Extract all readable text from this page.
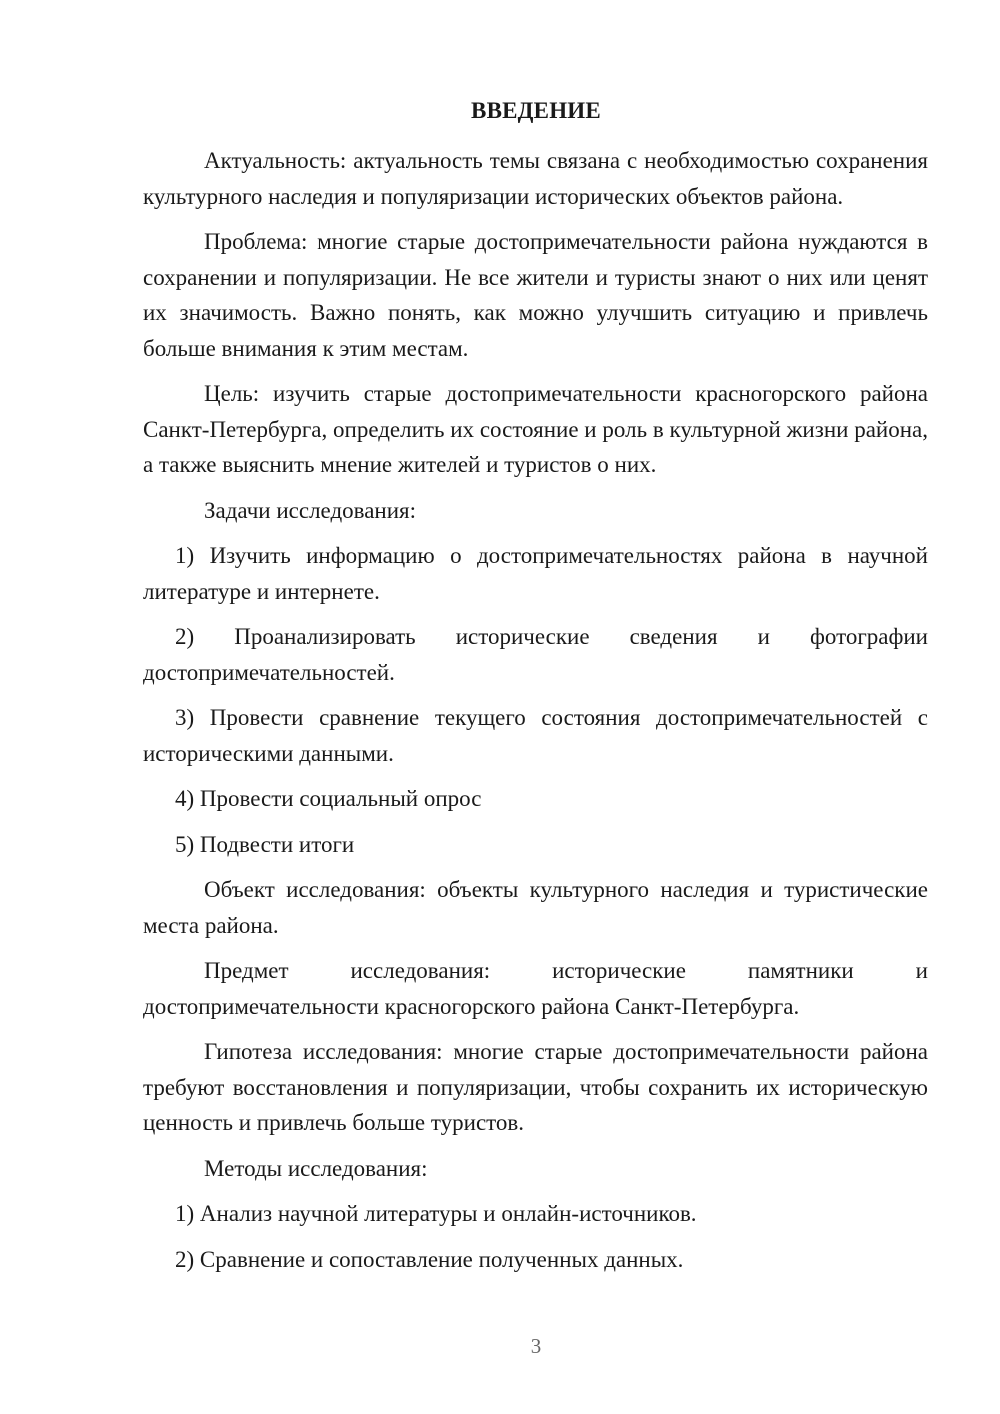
ВВЕДЕНИЕ

Актуальность: актуальность темы связана с необходимостью сохранения культурного наследия и популяризации исторических объектов района.

Проблема: многие старые достопримечательности района нуждаются в сохранении и популяризации. Не все жители и туристы знают о них или ценят их значимость. Важно понять, как можно улучшить ситуацию и привлечь больше внимания к этим местам.

Цель: изучить старые достопримечательности красногорского района Санкт-Петербурга, определить их состояние и роль в культурной жизни района, а также выяснить мнение жителей и туристов о них.

Задачи исследования:

1) Изучить информацию о достопримечательностях района в научной литературе и интернете.

2) Проанализировать исторические сведения и фотографии достопримечательностей.

3) Провести сравнение текущего состояния достопримечательностей с историческими данными.

4) Провести социальный опрос

5) Подвести итоги

Объект исследования: объекты культурного наследия и туристические места района.

Предмет исследования: исторические памятники и достопримечательности красногорского района Санкт-Петербурга.

Гипотеза исследования: многие старые достопримечательности района требуют восстановления и популяризации, чтобы сохранить их историческую ценность и привлечь больше туристов.

Методы исследования:

1) Анализ научной литературы и онлайн-источников.

2) Сравнение и сопоставление полученных данных.

3
